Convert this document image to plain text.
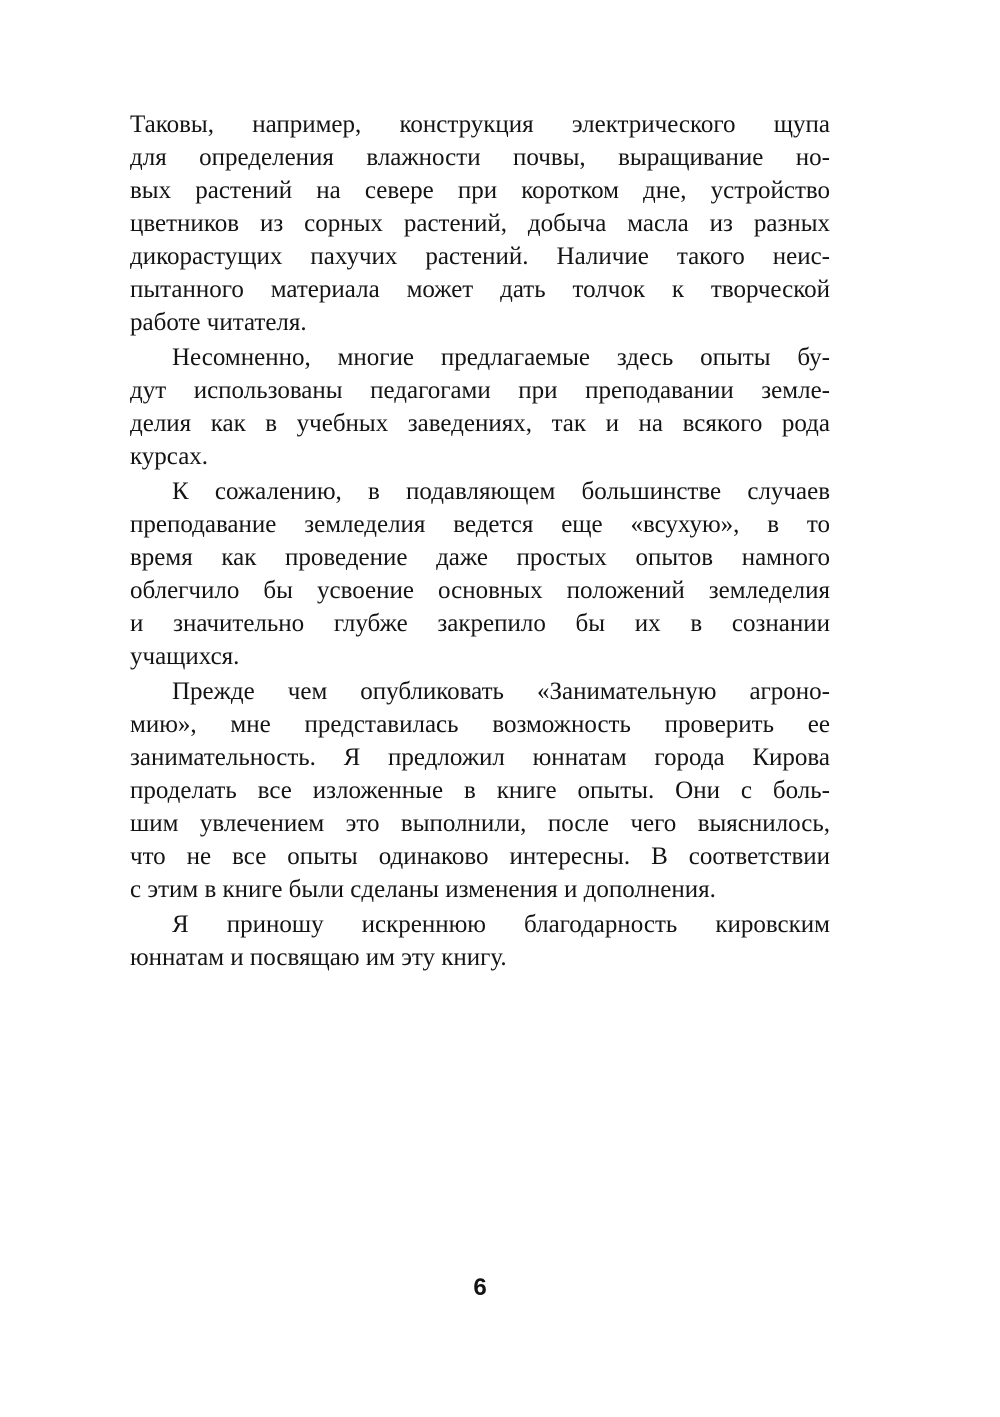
Таковы, например, конструкция электрического щупа
для определения влажности почвы, выращивание но-
вых растений на севере при коротком дне, устройство
цветников из сорных растений, добыча масла из разных
дикорастущих пахучих растений. Наличие такого неис-
пытанного материала может дать толчок к творческой
работе читателя.
Несомненно, многие предлагаемые здесь опыты бу-
дут использованы педагогами при преподавании земле-
делия как в учебных заведениях, так и на всякого рода
курсах.
К сожалению, в подавляющем большинстве случаев
преподавание земледелия ведется еще «всухую», в то
время как проведение даже простых опытов намного
облегчило бы усвоение основных положений земледелия
и значительно глубже закрепило бы их в сознании
учащихся.
Прежде чем опубликовать «Занимательную агроно-
мию», мне представилась возможность проверить ее
занимательность. Я предложил юннатам города Кирова
проделать все изложенные в книге опыты. Они с боль-
шим увлечением это выполнили, после чего выяснилось,
что не все опыты одинаково интересны. В соответствии
с этим в книге были сделаны изменения и дополнения.
Я приношу искреннюю благодарность кировским
юннатам и посвящаю им эту книгу.
6
